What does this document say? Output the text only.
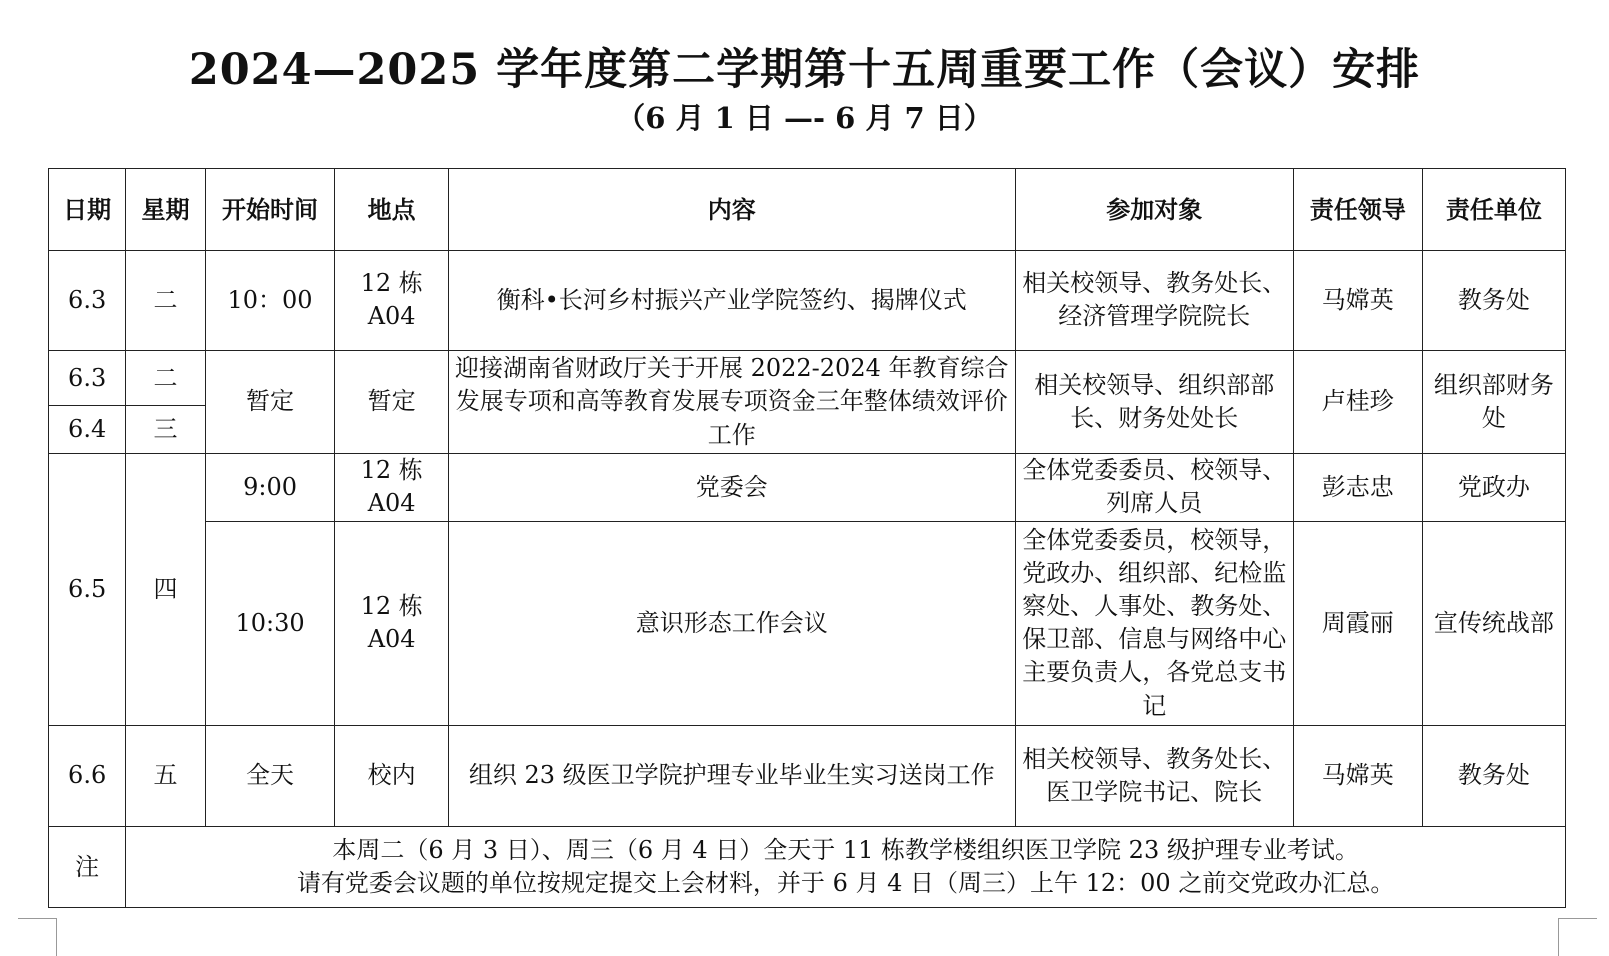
2024—2025 学年度第二学期第十五周重要工作（会议）安排
（6 月 1 日 —- 6 月 7 日）
日期	星期	开始时间	地点	内容	参加对象	责任领导	责任单位
6.3	二	10：00	12 栋 A04	衡科•长河乡村振兴产业学院签约、揭牌仪式	相关校领导、教务处长、经济管理学院院长	马嫦英	教务处
6.3	二	暂定	暂定	迎接湖南省财政厅关于开展 2022-2024 年教育综合发展专项和高等教育发展专项资金三年整体绩效评价工作	相关校领导、组织部部长、财务处处长	卢桂珍	组织部财务处
6.4	三						
6.5	四	9:00	12 栋 A04	党委会	全体党委委员、校领导、列席人员	彭志忠	党政办
		10:30	12 栋 A04	意识形态工作会议	全体党委委员，校领导，党政办、组织部、纪检监察处、人事处、教务处、保卫部、信息与网络中心主要负责人，各党总支书记	周霞丽	宣传统战部
6.6	五	全天	校内	组织 23 级医卫学院护理专业毕业生实习送岗工作	相关校领导、教务处长、医卫学院书记、院长	马嫦英	教务处
注	本周二（6 月 3 日）、周三（6 月 4 日）全天于 11 栋教学楼组织医卫学院 23 级护理专业考试。
请有党委会议题的单位按规定提交上会材料，并于 6 月 4 日（周三）上午 12：00 之前交党政办汇总。						
